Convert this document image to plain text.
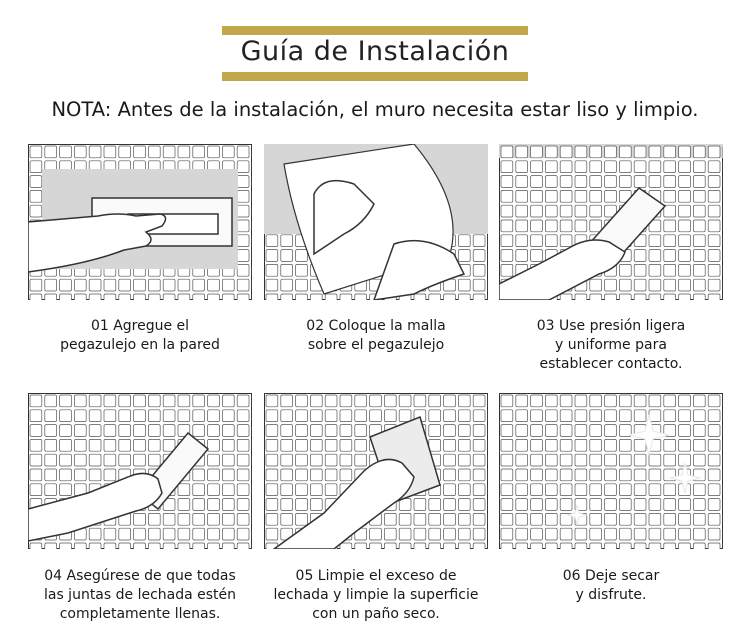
Guía de Instalación
NOTA: Antes de la instalación, el muro necesita estar liso y limpio.
01 Agregue el
pegazulejo en la pared
02 Coloque la malla
sobre el pegazulejo
03 Use presión ligera
y uniforme para
establecer contacto.
04 Asegúrese de que todas
las juntas de lechada estén
completamente llenas.
05 Limpie el exceso de
lechada y limpie la superficie
con un paño seco.
06 Deje secar
y disfrute.
